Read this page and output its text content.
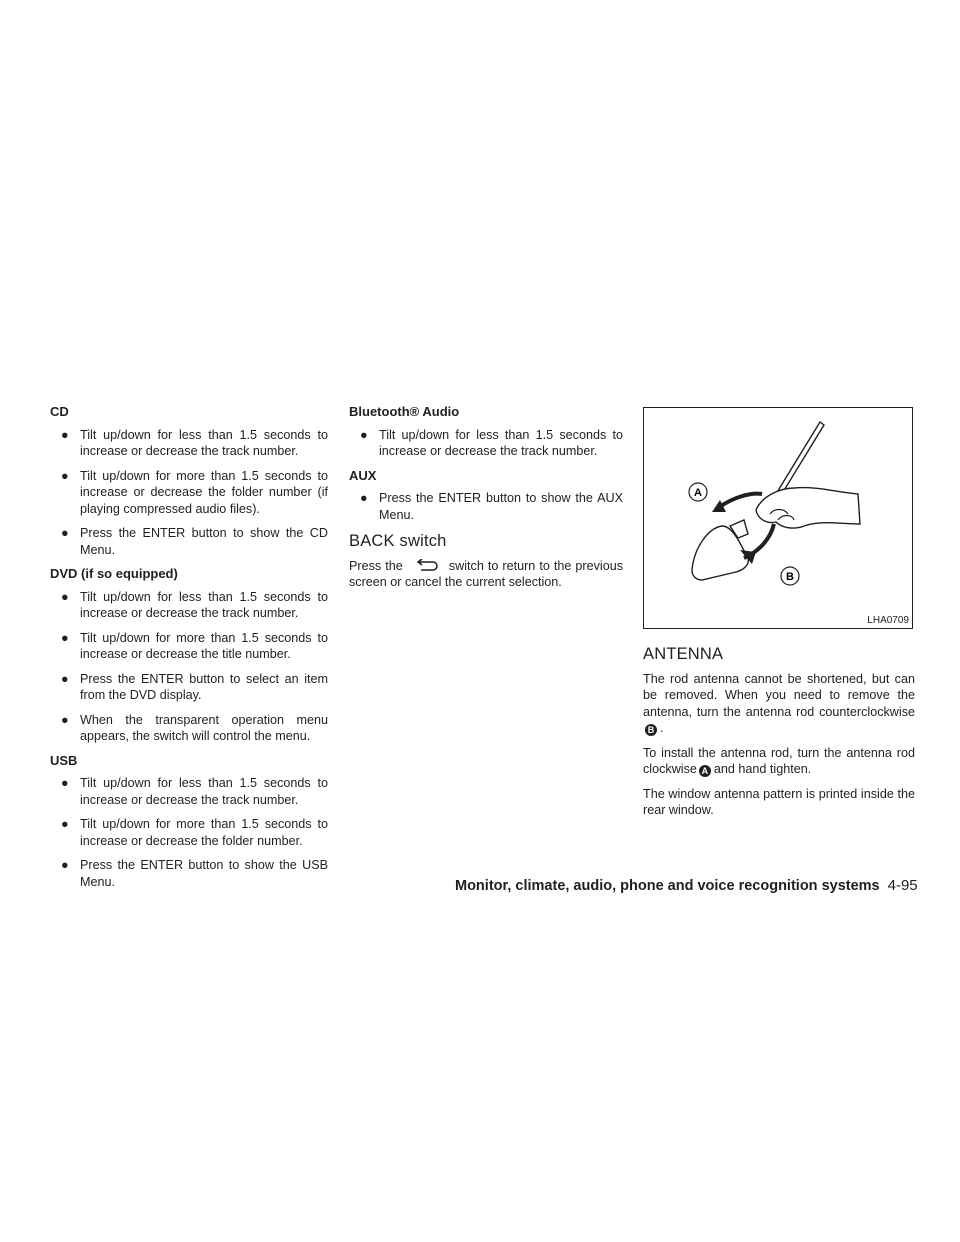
CD
● Tilt up/down for less than 1.5 seconds to increase or decrease the track number.
● Tilt up/down for more than 1.5 seconds to increase or decrease the folder number (if playing compressed audio files).
● Press the ENTER button to show the CD Menu.
DVD (if so equipped)
● Tilt up/down for less than 1.5 seconds to increase or decrease the track number.
● Tilt up/down for more than 1.5 seconds to increase or decrease the title number.
● Press the ENTER button to select an item from the DVD display.
● When the transparent operation menu appears, the switch will control the menu.
USB
● Tilt up/down for less than 1.5 seconds to increase or decrease the track number.
● Tilt up/down for more than 1.5 seconds to increase or decrease the folder number.
● Press the ENTER button to show the USB Menu.
Bluetooth® Audio
● Tilt up/down for less than 1.5 seconds to increase or decrease the track number.
AUX
● Press the ENTER button to show the AUX Menu.
BACK switch
Press the	switch to return to the previous screen or cancel the current selection.
A
B
LHA0709
ANTENNA
The rod antenna cannot be shortened, but can be removed. When you need to remove the antenna, turn the antenna rod counterclockwiseB .
To install the antenna rod, turn the antenna rod clockwise A and hand tighten.
The window antenna pattern is printed inside the rear window.
Monitor, climate, audio, phone and voice recognition systems 4-95
